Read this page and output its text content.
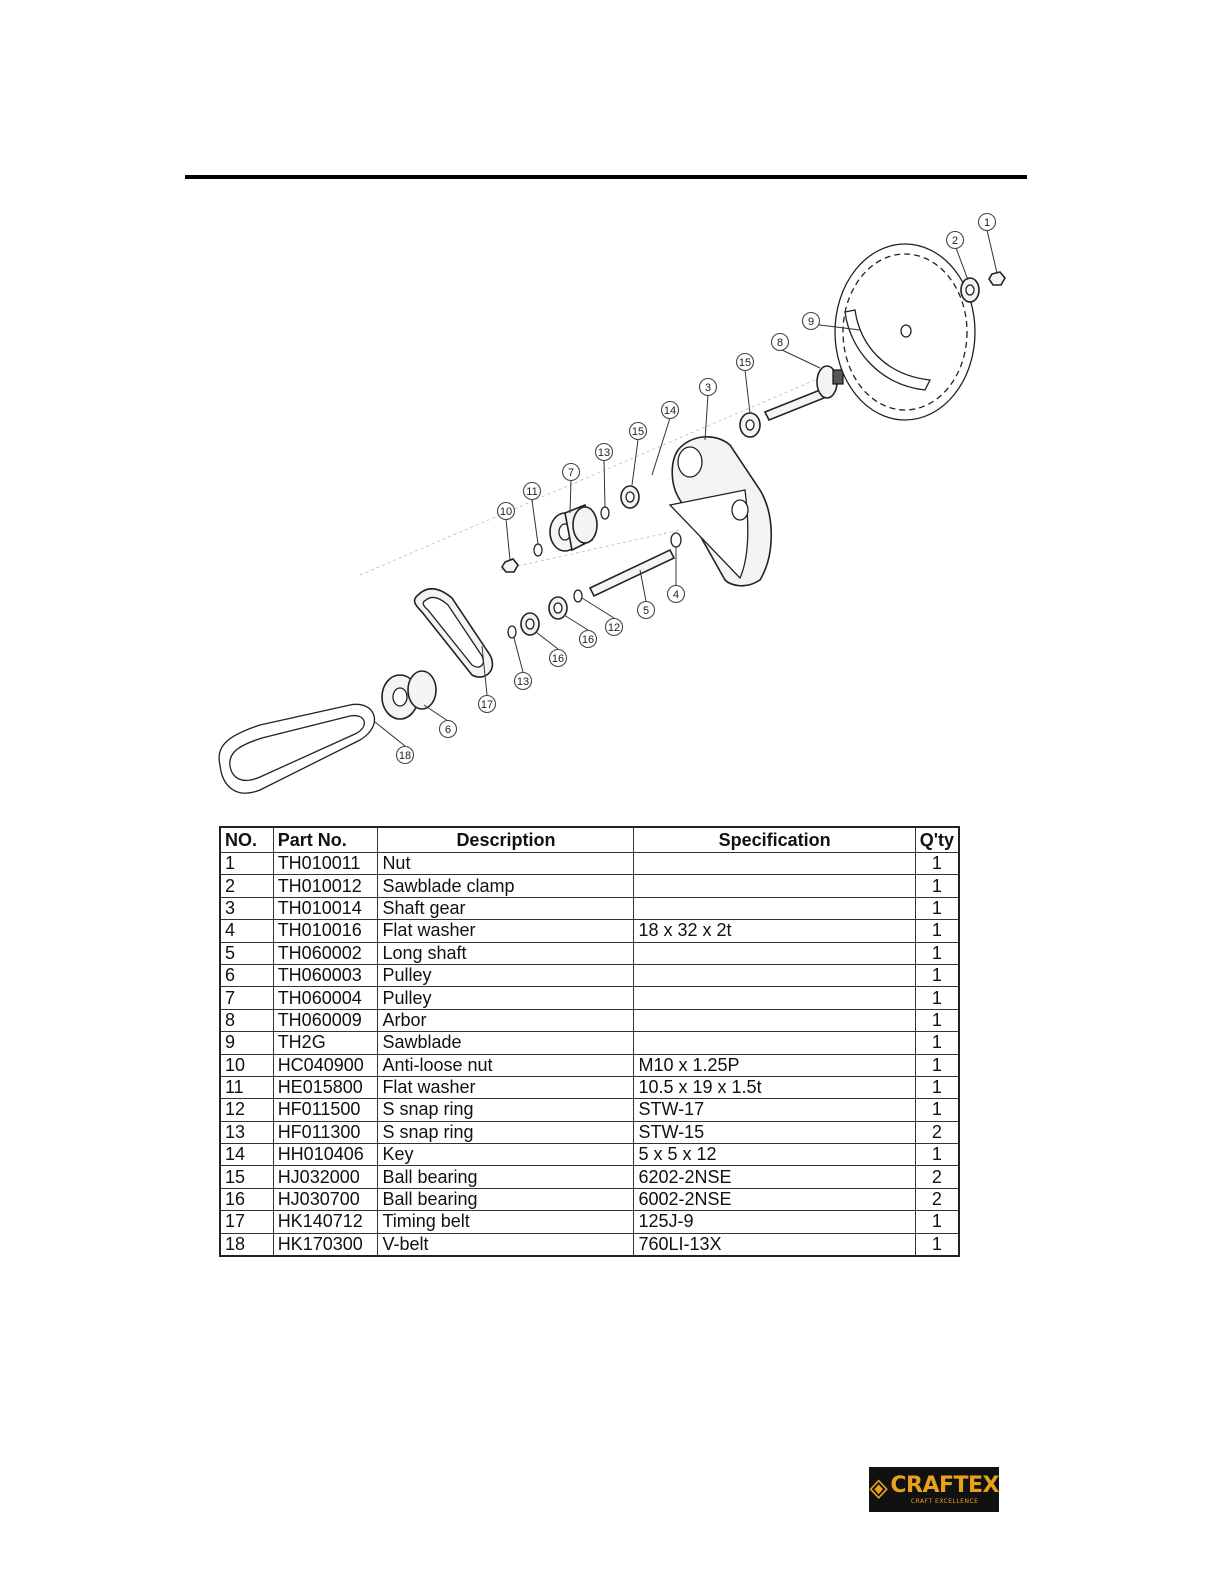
1
2
3
4
5
6
7
8
9
10
11
12
13
13
14
15
15
16
16
17
18
NO.	Part No.	Description	Specification	Q'ty
1	TH010011	Nut		1
2	TH010012	Sawblade clamp		1
3	TH010014	Shaft gear		1
4	TH010016	Flat washer	18 x 32 x 2t	1
5	TH060002	Long shaft		1
6	TH060003	Pulley		1
7	TH060004	Pulley		1
8	TH060009	Arbor		1
9	TH2G	Sawblade		1
10	HC040900	Anti-loose nut	M10 x 1.25P	1
11	HE015800	Flat washer	10.5 x 19 x 1.5t	1
12	HF011500	S snap ring	STW-17	1
13	HF011300	S snap ring	STW-15	2
14	HH010406	Key	5 x 5 x 12	1
15	HJ032000	Ball bearing	6202-2NSE	2
16	HJ030700	Ball bearing	6002-2NSE	2
17	HK140712	Timing belt	125J-9	1
18	HK170300	V-belt	760LI-13X	1
CRAFTEX
CRAFT EXCELLENCE
